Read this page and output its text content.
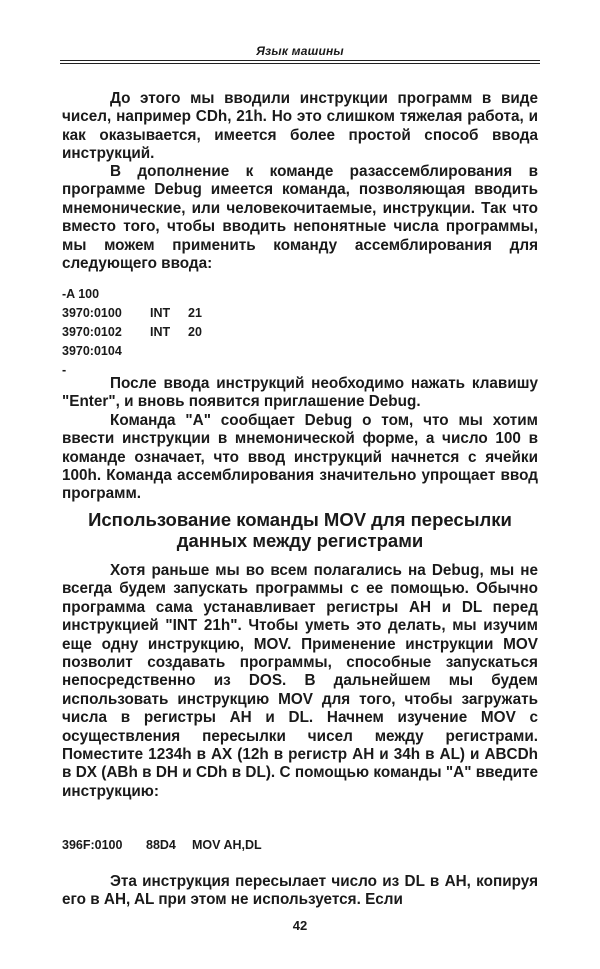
Язык машины
До этого мы вводили инструкции программ в виде чисел, например CDh, 21h. Но это слишком тяжелая работа, и как оказывается, имеется более простой способ ввода инструкций.
В дополнение к команде разассемблирования в программе Debug имеется команда, позволяющая вводить мнемонические, или человекочитаемые, инструкции. Так что вместо того, чтобы вводить непонятные числа программы, мы можем применить команду ассемблирования для следующего ввода:
-A 100
3970:0100	INT	21
3970:0102	INT	20
3970:0104
-
После ввода инструкций необходимо нажать клавишу "Enter", и вновь появится приглашение Debug.
Команда "A" сообщает Debug о том, что мы хотим ввести инструкции в мнемонической форме, а число 100 в команде означает, что ввод инструкций начнется с ячейки 100h. Команда ассемблирования значительно упрощает ввод программ.
Использование команды MOV для пересылки
данных между регистрами
Хотя раньше мы во всем полагались на Debug, мы не всегда будем запускать программы с ее помощью. Обычно программа сама устанавливает регистры AH и DL перед инструкцией "INT 21h". Чтобы уметь это делать, мы изучим еще одну инструкцию, MOV. Применение инструкции MOV позволит создавать программы, способные запускаться непосредственно из DOS. В дальнейшем мы будем использовать инструкцию MOV для того, чтобы загружать числа в регистры AH и DL. Начнем изучение MOV с осуществления пересылки чисел между регистрами. Поместите 1234h в AX (12h в регистр AH и 34h в AL) и ABCDh в DX (ABh в DH и CDh в DL). С помощью команды "A" введите инструкцию:
396F:0100 88D4 MOV AH,DL
Эта инструкция пересылает число из DL в AH, копируя его в AH, AL при этом не используется. Если
42
